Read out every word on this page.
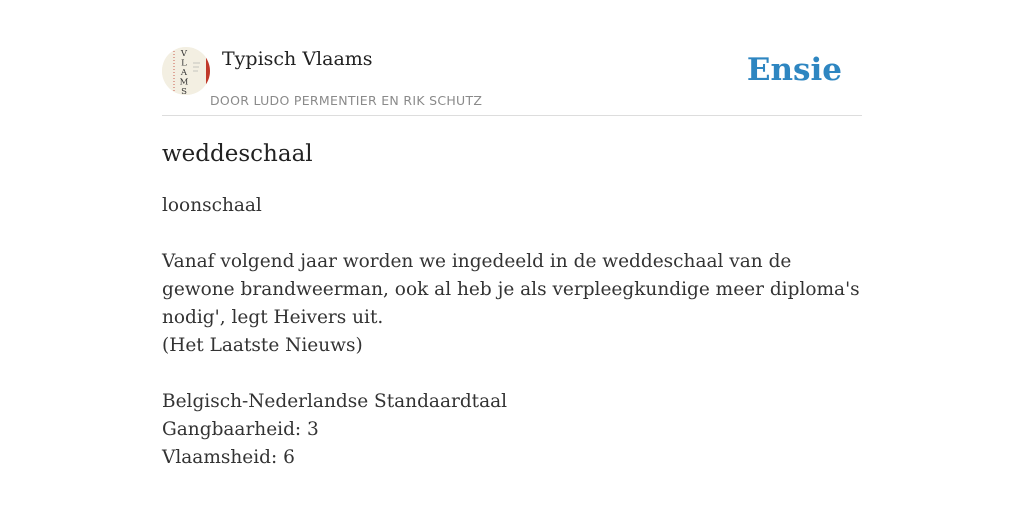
V
L
A
M
S
Typisch Vlaams
DOOR LUDO PERMENTIER EN RIK SCHUTZ
Ensie
weddeschaal
loonschaal
Vanaf volgend jaar worden we ingedeeld in de weddeschaal van de gewone brandweerman, ook al heb je als verpleegkundige meer diploma's nodig', legt Heivers uit.
(Het Laatste Nieuws)
Belgisch-Nederlandse Standaardtaal
Gangbaarheid: 3
Vlaamsheid: 6
